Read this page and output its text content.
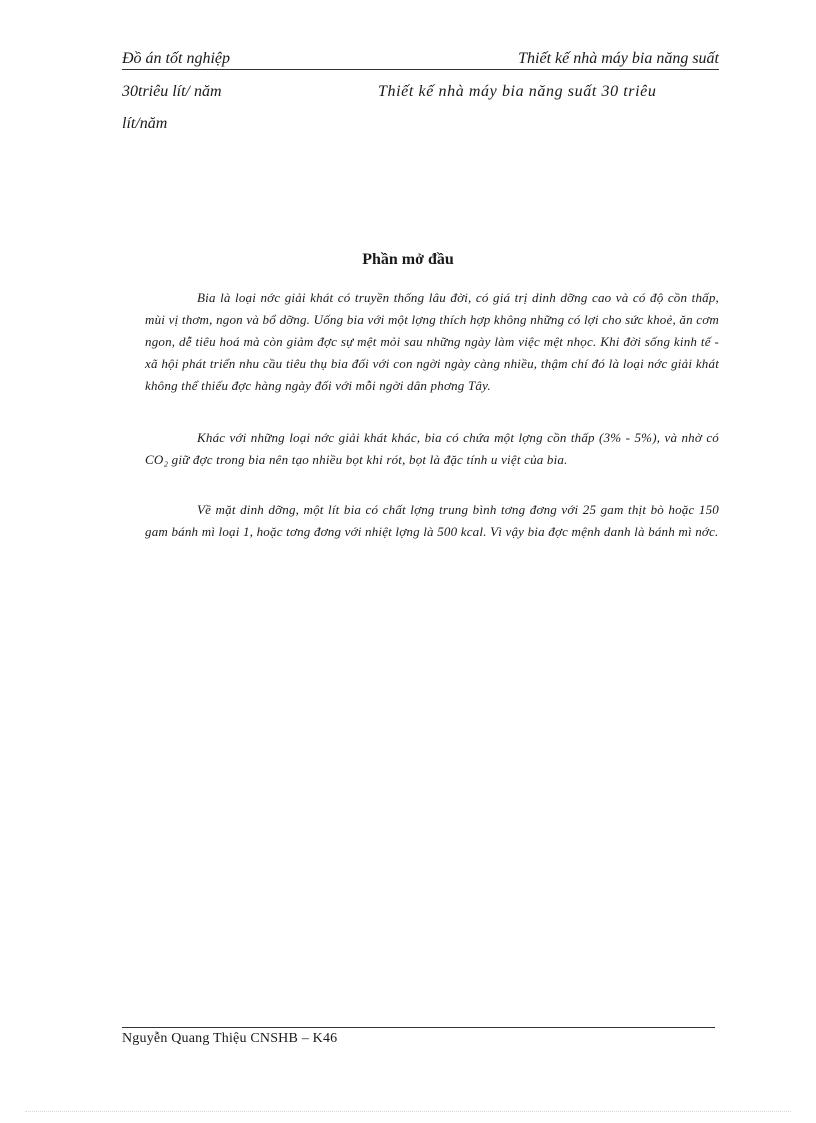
Đồ án tốt nghiệp	Thiết kế nhà máy bia năng suất
30triêu lít/ năm	Thiết kế nhà máy bia năng suất 30 triêu
lít/năm
Phần mở đầu
Bia là loại nớc giải khát có truyền thống lâu đời, có giá trị dinh dỡng cao và có độ cồn thấp, mùi vị thơm, ngon và bổ dỡng. Uống bia với một lợng thích hợp không những có lợi cho sức khoẻ, ăn cơm ngon, dễ tiêu hoá mà còn giảm đợc sự mệt mỏi sau những ngày làm việc mệt nhọc. Khi đời sống kinh tế - xã hội phát triển nhu cầu tiêu thụ bia đối với con ngời ngày càng nhiều, thậm chí đó là loại nớc giải khát không thể thiếu đợc hàng ngày đối với mỗi ngời dân phơng Tây.
Khác với những loại nớc giải khát khác, bia có chứa một lợng cồn thấp (3% - 5%), và nhờ có CO₂ giữ đợc trong bia nên tạo nhiều bọt khi rót, bọt là đặc tính u việt của bia.
Về mặt dinh dỡng, một lít bia có chất lợng trung bình tơng đơng với 25 gam thịt bò hoặc 150 gam bánh mì loại 1, hoặc tơng đơng với nhiệt lợng là 500 kcal. Vì vậy bia đợc mệnh danh là bánh mì nớc.
Nguyễn Quang Thiệu CNSHB – K46
